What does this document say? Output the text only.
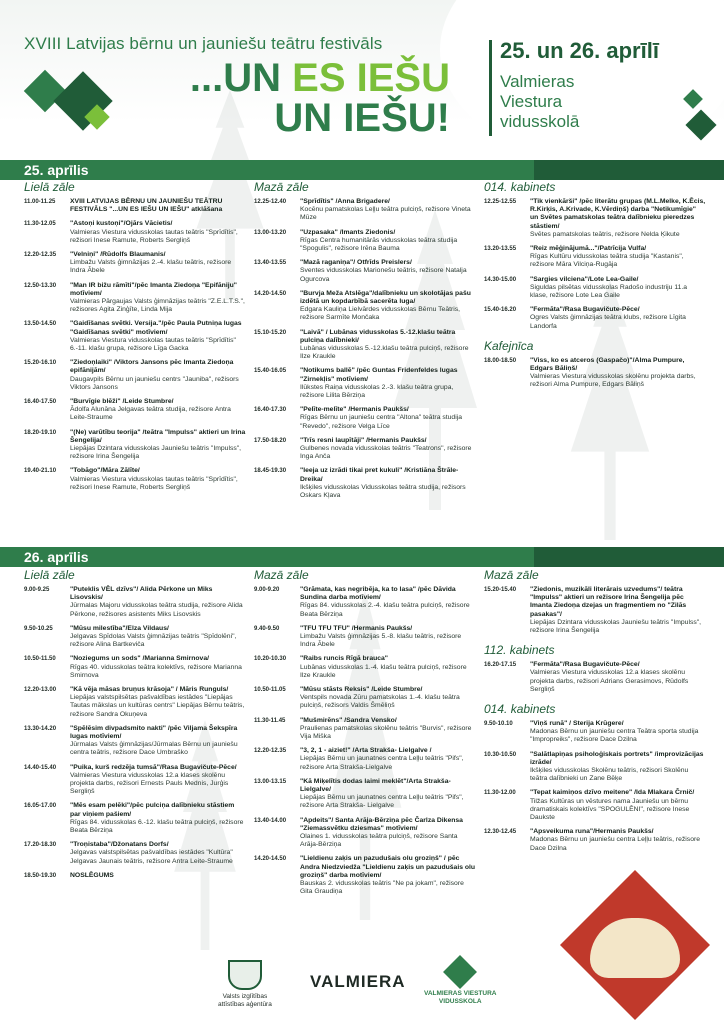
XVIII Latvijas bērnu un jauniešu teātru festivāls
...UN ES IEŠU
UN IEŠU!
25. un 26. aprīlī
Valmieras
Viestura
vidusskolā
25. aprīlis
Lielā zāle
11.00-11.25	XVIII LATVIJAS BĒRNU UN JAUNIEŠU TEĀTRU FESTIVĀLS "...UN ES IEŠU UN IEŠU" atklāšana
11.30-12.05	"Astoņi kustoņi"/Ojārs Vācietis/
Valmieras Viestura vidusskolas tautas teātris "Sprīdītis", režisori Inese Ramute, Roberts Sergliņš
12.20-12.35	"Velniņi" /Rūdolfs Blaumanis/
Limbažu Valsts ģimnāzijas 2.-4. klašu teātris, režisore Indra Ābele
12.50-13.30	"Man IR bižu rāmīti"/pēc Imanta Ziedoņa "Epifāniju" motīviem/
Valmieras Pārgaujas Valsts ģimnāzijas teātris "Z.E.L.T.S.", režisores Agita Zinģīte, Linda Mija
13.50-14.50	"Gaidīšanas svētki. Versija."/pēc Paula Putniņa lugas "Gaidīšanas svētki" motīviem/
Valmieras Viestura vidusskolas tautas teātris "Sprīdītis" 6.-11. klašu grupa, režisore Līga Gacka
15.20-16.10	"Ziedoņlaiki" /Viktors Jansons pēc Imanta Ziedoņa epifānijām/
Daugavpils Bērnu un jauniešu centrs "Jauniba", režisors Viktors Jansons
16.40-17.50	"Burvīgie blēži" /Leide Stumbre/
Ādolfa Alunāna Jelgavas teātra studija, režisore Antra Leite-Straume
18.20-19.10	"(Ne) varūtību teorija" /teātra "Impulss" aktieri un Irina Šengelija/
Liepājas Dzintara vidusskolas Jauniešu teātris "Impulss", režisore Irina Šengelija
19.40-21.10	"Tobāgo"/Māra Zālīte/
Valmieras Viestura vidusskolas tautas teātris "Sprīdītis", režisori Inese Ramute, Roberts Sergliņš
Mazā zāle
12.25-12.40	"Sprīdītis" /Anna Brigadere/
Kocēnu pamatskolas Leļļu teātra pulciņš, režisore Vineta Mūze
13.00-13.20	"Uzpasaka" /Imants Ziedonis/
Rīgas Centra humanitārās vidusskolas teātra studija "Spogulis", režisore Irēna Bauma
13.40-13.55	"Mazā raganiņa"/ Otfrīds Preislers/
Sventes vidusskolas Marionešu teātris, režisore Natalja Ogurcova
14.20-14.50	"Burvja Meža Atslēga"/dalībnieku un skolotājas pašu izdētā un kopdarbībā sacerēta luga/
Edgara Kauliņa Lielvārdes vidusskolas Bērnu Teātris, režisore Sarmīte Mončaka
15.10-15.20	"Laivā" / Lubānas vidusskolas 5.-12.klašu teātra pulciņa dalībnieki/
Lubānas vidusskolas 5.-12.klašu teātra pulciņš, režisore Ilze Kraukle
15.40-16.05	"Notikums ballē" /pēc Guntas Fridenfeldes lugas "Zirnekļis" motīviem/
Ilūkstes Raiņa vidusskolas 2.-3. klašu teātra grupa, režisore Lilita Bērziņa
16.40-17.30	"Pelīte-melīte" /Hermanis Paukšs/
Rīgas Bērnu un jauniešu centra "Altona" teātra studija "Revedo", režisore Velga Līce
17.50-18.20	"Trīs resni laupītāji" /Hermanis Paukšs/
Gulbenes novada vidusskolas teātris "Teatrons", režisore Inga Anča
18.45-19.30	"Ieeja uz izrādi tikai pret kukuli" /Kristiāna Štrāle-Dreika/
Ikšķiles vidusskolas Vidusskolas teātra studija, režisors Oskars Kļava
014. kabinets
12.25-12.55	"Tik vienkārši" /pēc literātu grupas (M.L.Melke, K.Ēcis, R.Kirķis, A.Krivade, K.Vērdiņš) darba "Netikumīgie" un Svētes pamatskolas teātra dalībnieku pieredzes stāstiem/
Svētes pamatskolas teātris, režisore Nelda Ķikute
13.20-13.55	"Reiz mēģinājumā..."/Patrīcija Vulfa/
Rīgas Kultūru vidusskolas teātra studija "Kastanis", režisore Māra Vilciņa-Rugāja
14.30-15.00	"Sargies vilciena"/Lote Lea-Gaile/
Siguldas pilsētas vidusskolas Radošo industriju 11.a klase, režisore Lote Lea Gaile
15.40-16.20	"Fermāta"/Rasa Bugavičute-Pēce/
Ogres Valsts ģimnāzijas teātra klubs, režisore Līgita Landorfa
Kafejnīca
18.00-18.50	"Viss, ko es atceros (Gaspačo)"/Alma Pumpure, Edgars Bāliņš/
Valmieras Viestura vidusskolas skolēnu projekta darbs, režisori Alma Pumpure, Edgars Bāliņš
26. aprīlis
Lielā zāle
9.00-9.25	"Puteklis VĒL dzīvs"/ Alida Pērkone un Miks Lisovskis/
Jūrmalas Majoru vidusskolas teātra studija, režisore Alida Pērkone, režisores asistents Miks Lisovskis
9.50-10.25	"Mūsu milestība"/Elza Vildaus/
Jelgavas Spīdolas Valsts ģimnāzijas teātris "Spīdolēni", režisore Alina Bartkeviča
10.50-11.50	"Noziegums un sods" /Marianna Smirnova/
Rīgas 40. vidusskolas teātra kolektīvs, režisore Marianna Smirnova
12.20-13.00	"Kā vēja māsas bruņus krāsoja" / Māris Runguls/
Liepājas valstspilsētas pašvaldības iestādes "Liepājas Tautas mākslas un kultūras centrs" Liepājas Bērnu teātris, režisore Sandra Okuņeva
13.30-14.20	"Spēlēsim divpadsmito nakti" /pēc Viljama Šekspīra lugas motīviem/
Jūrmalas Valsts ģimnāzijas/Jūrmalas Bērnu un jauniešu centra teātris, režisore Dace Umbraško
14.40-15.40	"Puika, kurš redzēja tumsā"/Rasa Bugavičute-Pēce/
Valmieras Viestura vidusskolas 12.a klases skolēnu projekta darbs, režisori Ernests Pauls Mednis, Jurģis Sergliņš
16.05-17.00	"Mēs esam pelēki"/pēc pulciņa dalībnieku stāstiem par viņiem pašiem/
Rīgas 84. vidusskolas 6.-12. klašu teātra pulciņš, režisore Beata Bērziņa
17.20-18.30	"Troņistaba"/Džonatans Dorfs/
Jelgavas valstspilsētas pašvaldības iestādes "Kultūra" Jelgavas Jaunais teātris, režisore Antra Leite-Straume
18.50-19.30	NOSLĒGUMS
Mazā zāle
9.00-9.20	"Grāmata, kas negribēja, ka to lasa" /pēc Dāvida Sundina darba motīviem/
Rīgas 84. vidusskolas 2.-4. klašu teātra pulciņš, režisore Beata Bērziņa
9.40-9.50	"TFU TFU TFU" /Hermanis Paukšs/
Limbažu Valsts ģimnāzijas 5.-8. klašu teātris, režisore Indra Ābele
10.20-10.30	"Raibs runcis Rīgā brauca"
Lubānas vidusskolas 1.-4. klašu teātra pulciņš, režisore Ilze Kraukle
10.50-11.05	"Mūsu stāsts Reksis" /Leide Stumbre/
Ventspils novada Zūru pamatskolas 1.-4. klašu teātra pulciņš, režisors Valdis Šmēliņš
11.30-11.45	"Mušmirēns" /Sandra Vensko/
Praulienas pamatskolas skolēnu teātris "Burvis", režisore Vija Miška
12.20-12.35	"3, 2, 1 - aiziet!" /Arta Strakša- Lielgalve /
Liepājas Bērnu un jaunatnes centra Leļļu teātris "Pifs", režisore Arta Strakša-Lielgalve
13.00-13.15	"Kā Miķelītis dodas laimi meklēt"/Arta Strakša- Lielgalve/
Liepājas Bērnu un jaunatnes centra Leļļu teātris "Pifs", režisore Arta Strakša- Lielgalve
13.40-14.00	"Apdeits"/ Santa Arāja-Bērziņa pēc Čarlza Dikensa "Ziemassvētku dziesmas" motīviem/
Olaines 1. vidusskolas teātra pulciņš, režisore Santa Arāja-Bērziņa
14.20-14.50	"Lieldienu zaķis un pazudušais olu groziņš" / pēc Andra Niedzviedža "Lieldienu zaķis un pazudušais olu groziņš" darba motīviem/
Bauskas 2. vidusskolas teātris "Ne pa jokam", režisore Gita Graudiņa
Mazā zāle
15.20-15.40	"Ziedonis, muzikāli literārais uzvedums"/ teātra "Impulss" aktieri un režisore Irina Šengelija pēc Imanta Ziedoņa dzejas un fragmentiem no "Zilās pasakas"/
Liepājas Dzintara vidusskolas Jauniešu teātris "Impulss", režisore Irina Šengelija
112. kabinets
16.20-17.15	"Fermāta"/Rasa Bugavičute-Pēce/
Valmieras Viestura vidusskolas 12.a klases skolēnu projekta darbs, režisori Adrians Gerasimovs, Rūdolfs Sergliņš
014. kabinets
9.50-10.10	"Viņš runā" / Sterija Krūgere/
Madonas Bērnu un jauniešu centra Teātra sporta studija "Impropreiks", režisore Dace Dzilna
10.30-10.50	"Salātlapiņas psiholoģiskais portrets" /improvizācijas izrāde/
Ikšķiles vidusskolas Skolēnu teātris, režisori Skolēnu teātra dalībnieki un Zane Bēķe
11.30-12.00	"Tepat kaimiņos dzīvo meitene" /Ida Mlakara Črnič/
Tilžas Kultūras un vēstures nama Jauniešu un bērnu dramatiskais kolektīvs "SPOGULĒNI", režisore Inese Daukste
12.30-12.45	"Apsveikuma runa"/Hermanis Paukšs/
Madonas Bērnu un jauniešu centra Leļļu teātris, režisore Dace Dzilna
Valsts izglītības
attīstības aģentūra
VALMIERA
VALMIERAS VIESTURA
VIDUSSKOLA
